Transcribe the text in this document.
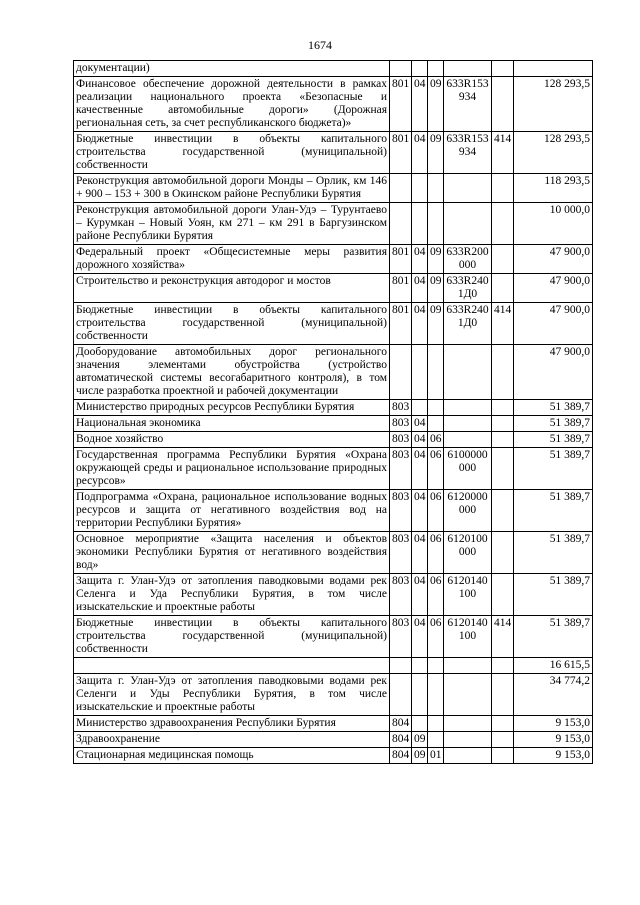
1674
документации)						
Финансовое обеспечение дорожной деятельности в рамках реализации национального проекта «Безопасные и качественные автомобильные дороги» (Дорожная региональная сеть, за счет республиканского бюджета)»	801	04	09	633R153 934		128 293,5
Бюджетные инвестиции в объекты капитального строительства государственной (муниципальной) собственности	801	04	09	633R153 934	414	128 293,5
Реконструкция автомобильной дороги Монды – Орлик, км 146 + 900 – 153 + 300 в Окинском районе Республики Бурятия						118 293,5
Реконструкция автомобильной дороги Улан-Удэ – Турунтаево – Курумкан – Новый Уоян, км 271 – км 291 в Баргузинском районе Республики Бурятия						10 000,0
Федеральный проект «Общесистемные меры развития дорожного хозяйства»	801	04	09	633R200 000		47 900,0
Строительство и реконструкция автодорог и мостов	801	04	09	633R240 1Д0		47 900,0
Бюджетные инвестиции в объекты капитального строительства государственной (муниципальной) собственности	801	04	09	633R240 1Д0	414	47 900,0
Дооборудование автомобильных дорог регионального значения элементами обустройства (устройство автоматической системы весогабаритного контроля), в том числе разработка проектной и рабочей документации						47 900,0
Министерство природных ресурсов Республики Бурятия	803					51 389,7
Национальная экономика	803	04				51 389,7
Водное хозяйство	803	04	06			51 389,7
Государственная программа Республики Бурятия «Охрана окружающей среды и рациональное использование природных ресурсов»	803	04	06	6100000 000		51 389,7
Подпрограмма «Охрана, рациональное использование водных ресурсов и защита от негативного воздействия вод на территории Республики Бурятия»	803	04	06	6120000 000		51 389,7
Основное мероприятие «Защита населения и объектов экономики Республики Бурятия от негативного воздействия вод»	803	04	06	6120100 000		51 389,7
Защита г. Улан-Удэ от затопления паводковыми водами рек Селенга и Уда Республики Бурятия, в том числе изыскательские и проектные работы	803	04	06	6120140 100		51 389,7
Бюджетные инвестиции в объекты капитального строительства государственной (муниципальной) собственности	803	04	06	6120140 100	414	51 389,7
						16 615,5
Защита г. Улан-Удэ от затопления паводковыми водами рек Селенги и Уды Республики Бурятия, в том числе изыскательские и проектные работы						34 774,2
Министерство здравоохранения Республики Бурятия	804					9 153,0
Здравоохранение	804	09				9 153,0
Стационарная медицинская помощь	804	09	01			9 153,0
